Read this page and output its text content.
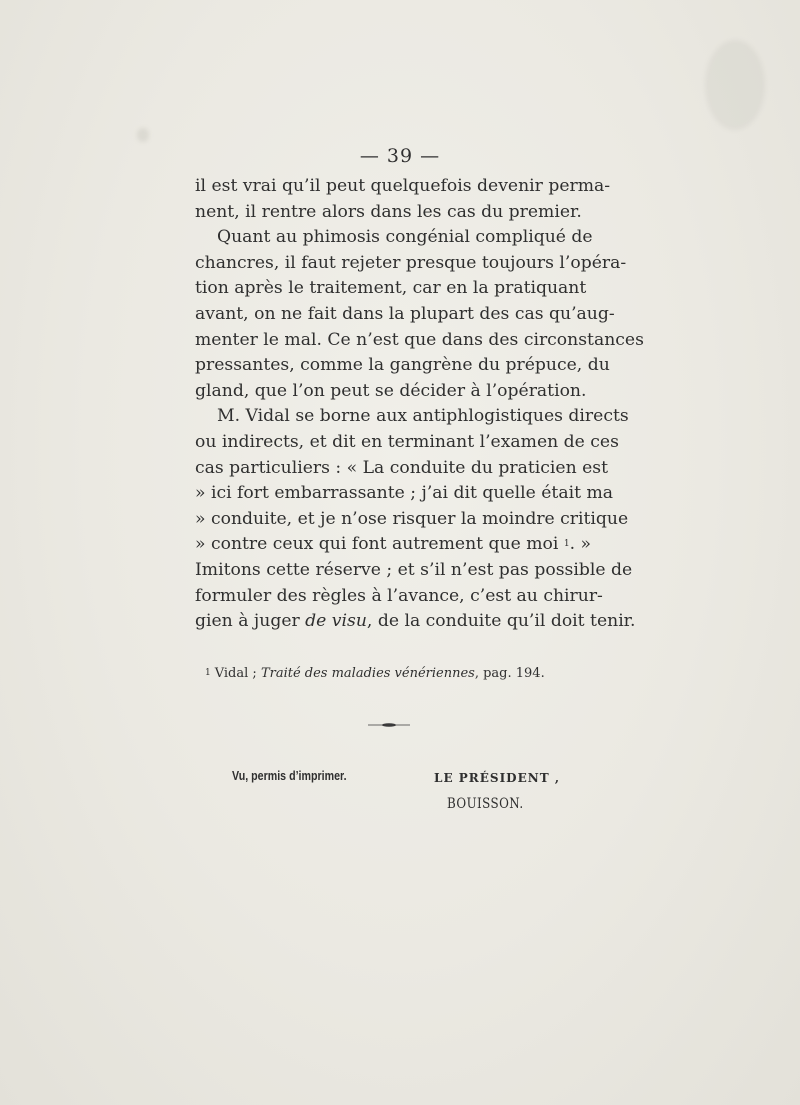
— 39 —
il est vrai qu’il peut quelquefois devenir perma-
nent, il rentre alors dans les cas du premier.
Quant au phimosis congénial compliqué de
chancres, il faut rejeter presque toujours l’opéra-
tion après le traitement, car en la pratiquant
avant, on ne fait dans la plupart des cas qu’aug-
menter le mal. Ce n’est que dans des circonstances
pressantes, comme la gangrène du prépuce, du
gland, que l’on peut se décider à l’opération.
M. Vidal se borne aux antiphlogistiques directs
ou indirects, et dit en terminant l’examen de ces
cas particuliers : « La conduite du praticien est
» ici fort embarrassante ; j’ai dit quelle était ma
» conduite, et je n’ose risquer la moindre critique
» contre ceux qui font autrement que moi $^1$. »
Imitons cette réserve ; et s’il n’est pas possible de
formuler des règles à l’avance, c’est au chirur-
gien à juger de visu, de la conduite qu’il doit tenir.
$^1$ Vidal ; Traité des maladies vénériennes, pag. 194.
Vu, permis d’imprimer.	LE PRÉSIDENT ,
BOUISSON.
